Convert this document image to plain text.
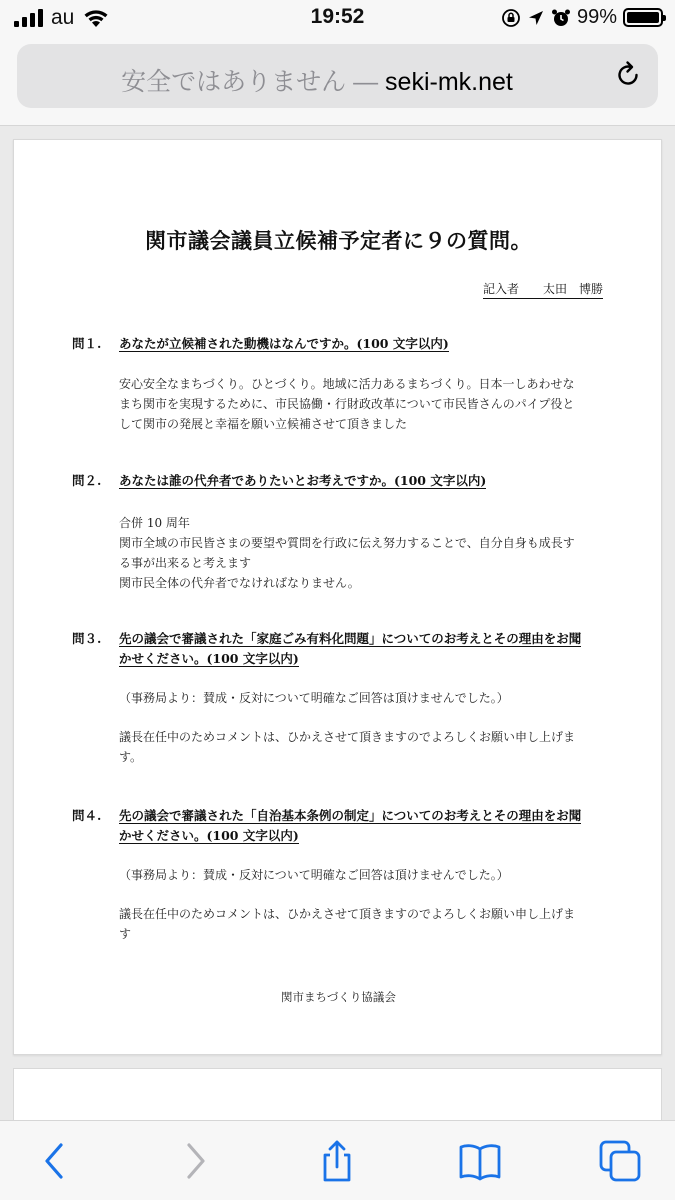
au	19:52	99%
安全ではありません — seki-mk.net
関市議会議員立候補予定者に９の質問。
記入者　　太田　博勝
問１. あなたが立候補された動機はなんですか。(100 文字以内)

安心安全なまちづくり。ひとづくり。地域に活力あるまちづくり。日本一しあわせな

まち関市を実現するために、市民協働・行財政改革について市民皆さんのパイプ役と

して関市の発展と幸福を願い立候補させて頂きました

問２. あなたは誰の代弁者でありたいとお考えですか。(100 文字以内)

合併 10 周年

関市全域の市民皆さまの要望や質問を行政に伝え努力することで、自分自身も成長す

る事が出来ると考えます

関市民全体の代弁者でなければなりません。

問３. 先の議会で審議された「家庭ごみ有料化問題」についてのお考えとその理由をお聞
かせください。(100 文字以内)

（事務局より：賛成・反対について明確なご回答は頂けませんでした。）

議長在任中のためコメントは、ひかえさせて頂きますのでよろしくお願い申し上げま

す。

問４. 先の議会で審議された「自治基本条例の制定」についてのお考えとその理由をお聞
かせください。(100 文字以内)

（事務局より：賛成・反対について明確なご回答は頂けませんでした。）

議長在任中のためコメントは、ひかえさせて頂きますのでよろしくお願い申し上げま

す

関市まちづくり協議会
